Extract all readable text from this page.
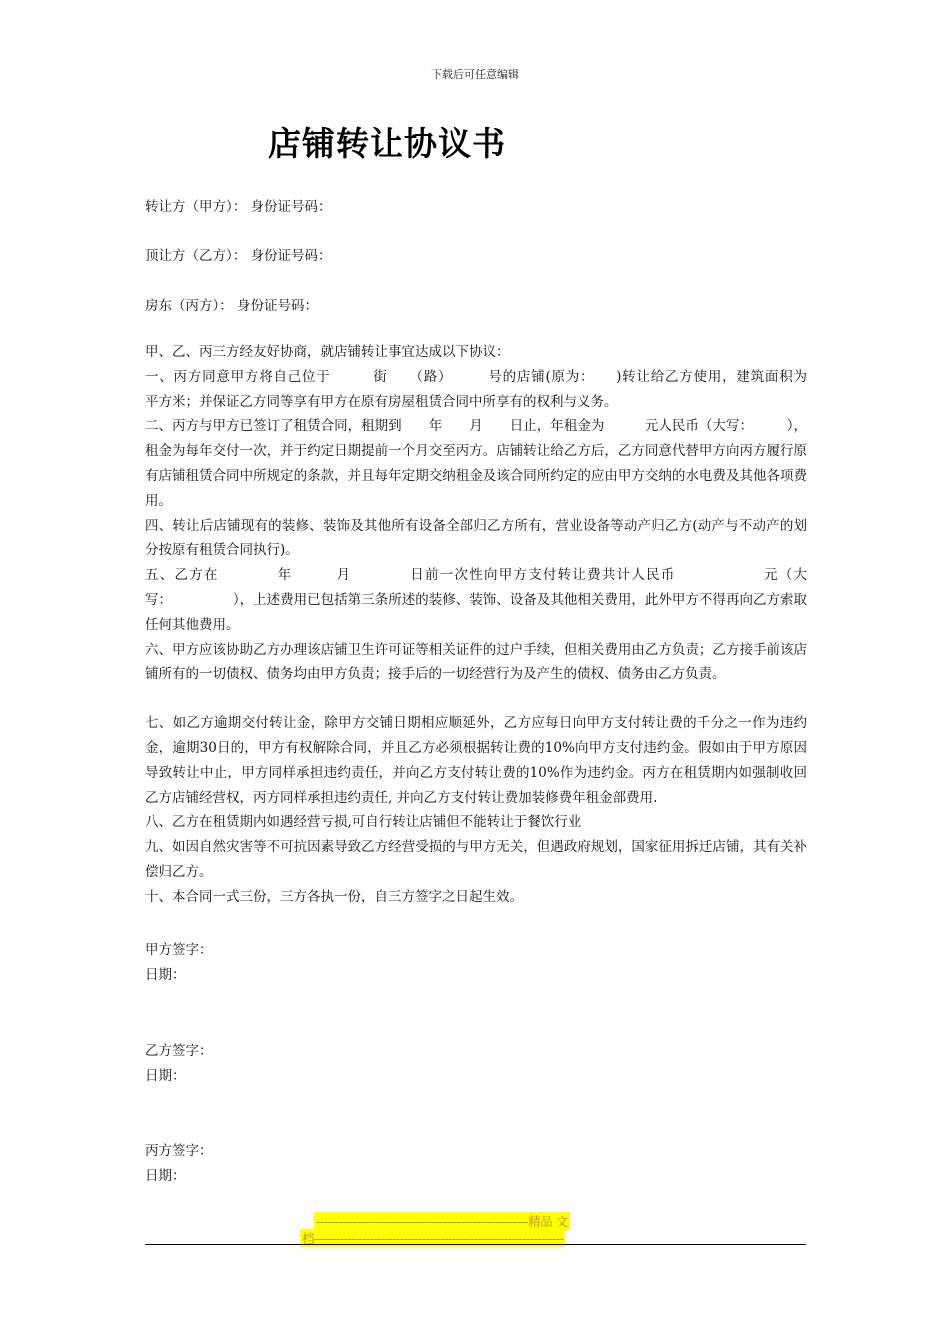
下载后可任意编辑
店铺转让协议书
转让方（甲方）： 身份证号码：
顶让方（乙方）： 身份证号码：
房东（丙方）： 身份证号码：

甲、乙、丙三方经友好协商，就店铺转让事宜达成以下协议：

一、丙方同意甲方将自己位于　　　街　　（路）　　　号的店铺(原为：　　)转让给乙方使用，建筑面积为　　平方米；并保证乙方同等享有甲方在原有房屋租赁合同中所享有的权利与义务。

二、丙方与甲方已签订了租赁合同，租期到　　年　　月　　日止，年租金为　　　元人民币（大写：　　　），租金为每年交付一次，并于约定日期提前一个月交至丙方。店铺转让给乙方后，乙方同意代替甲方向丙方履行原有店铺租赁合同中所规定的条款，并且每年定期交纳租金及该合同所约定的应由甲方交纳的水电费及其他各项费用。

四、转让后店铺现有的装修、装饰及其他所有设备全部归乙方所有，营业设备等动产归乙方(动产与不动产的划分按原有租赁合同执行)。

五、乙方在　　　　年　　　月　　　　日前一次性向甲方支付转让费共计人民币　　　　　　元（大写：　　　　　），上述费用已包括第三条所述的装修、装饰、设备及其他相关费用，此外甲方不得再向乙方索取任何其他费用。

六、甲方应该协助乙方办理该店铺卫生许可证等相关证件的过户手续，但相关费用由乙方负责；乙方接手前该店铺所有的一切债权、债务均由甲方负责；接手后的一切经营行为及产生的债权、债务由乙方负责。

七、如乙方逾期交付转让金，除甲方交铺日期相应顺延外，乙方应每日向甲方支付转让费的千分之一作为违约金，逾期30日的，甲方有权解除合同，并且乙方必须根据转让费的10%向甲方支付违约金。假如由于甲方原因导致转让中止，甲方同样承担违约责任，并向乙方支付转让费的10%作为违约金。丙方在租赁期内如强制收回乙方店铺经营权，丙方同样承担违约责任, 并向乙方支付转让费加装修费年租金部费用.

八、乙方在租赁期内如遇经营亏损,可自行转让店铺但不能转让于餐饮行业

九、如因自然灾害等不可抗因素导致乙方经营受损的与甲方无关，但遇政府规划，国家征用拆迁店铺，其有关补偿归乙方。

十、本合同一式三份，三方各执一份，自三方签字之日起生效。

甲方签字：
日期：
乙方签字：
日期：
丙方签字：
日期：
---------------------------------------------------------精品 文
档-------------------------------------------------------------------
